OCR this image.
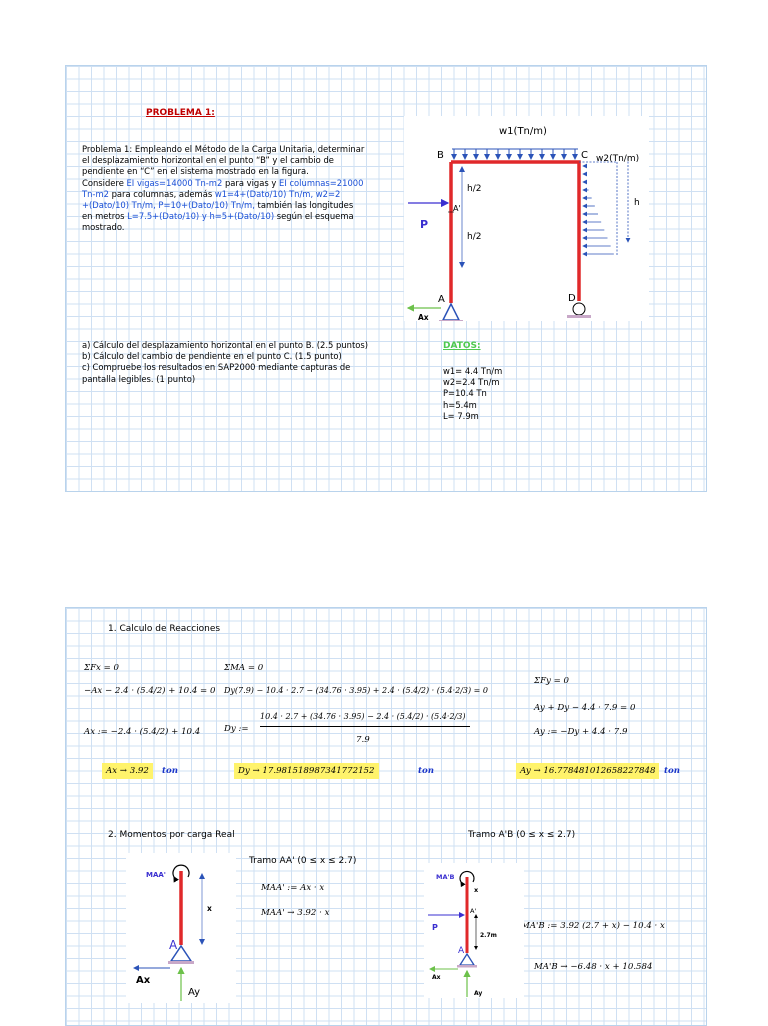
PROBLEMA 1:
Problema 1: Empleando el Método de la Carga Unitaria, determinar
el desplazamiento horizontal en el punto “B” y el cambio de
pendiente en “C” en el sistema mostrado en la figura.
Considere EI vigas=14000 Tn-m2 para vigas y EI columnas=21000
Tn-m2 para columnas, además w1=4+(Dato/10) Tn/m, w2=2
+(Dato/10) Tn/m, P=10+(Dato/10) Tn/m, también las longitudes
en metros L=7.5+(Dato/10) y h=5+(Dato/10) según el esquema
mostrado.
a) Cálculo del desplazamiento horizontal en el punto B. (2.5 puntos)
b) Cálculo del cambio de pendiente en el punto C. (1.5 punto)
c) Compruebe los resultados en SAP2000 mediante capturas de
pantalla legibles. (1 punto)
DATOS:
w1= 4.4 Tn/m
w2=2.4 Tn/m
P=10.4 Tn
h=5.4m
L= 7.9m
w1(Tn/m)
w2(Tn/m)
B	C
A'
A	D
P
h/2
h/2
h
Ax
1. Calculo de Reacciones
ΣFx = 0
−Ax − 2.4 · (5.4/2) + 10.4 = 0
Ax := −2.4 · (5.4/2) + 10.4
Ax → 3.92	ton
ΣMA = 0
Dy(7.9) − 10.4 · 2.7 − (34.76 · 3.95) + 2.4 · (5.4/2) · (5.4·2/3) = 0
Dy :=
10.4 · 2.7 + (34.76 · 3.95) − 2.4 · (5.4/2) · (5.4·2/3)
7.9
Dy → 17.981518987341772152	ton
ΣFy = 0
Ay + Dy − 4.4 · 7.9 = 0
Ay := −Dy + 4.4 · 7.9
Ay → 16.778481012658227848 ton
2. Momentos por carga Real
Tramo AA' (0 ≤ x ≤ 2.7)
MAA' := Ax · x
MAA' → 3.92 · x
Tramo A'B (0 ≤ x ≤ 2.7)
MA'B := 3.92 (2.7 + x) − 10.4 · x
MA'B → −6.48 · x + 10.584
MAA'
x
A
Ax
Ay
MA'B
x
A'
P
2.7m
A
Ax
Ay
